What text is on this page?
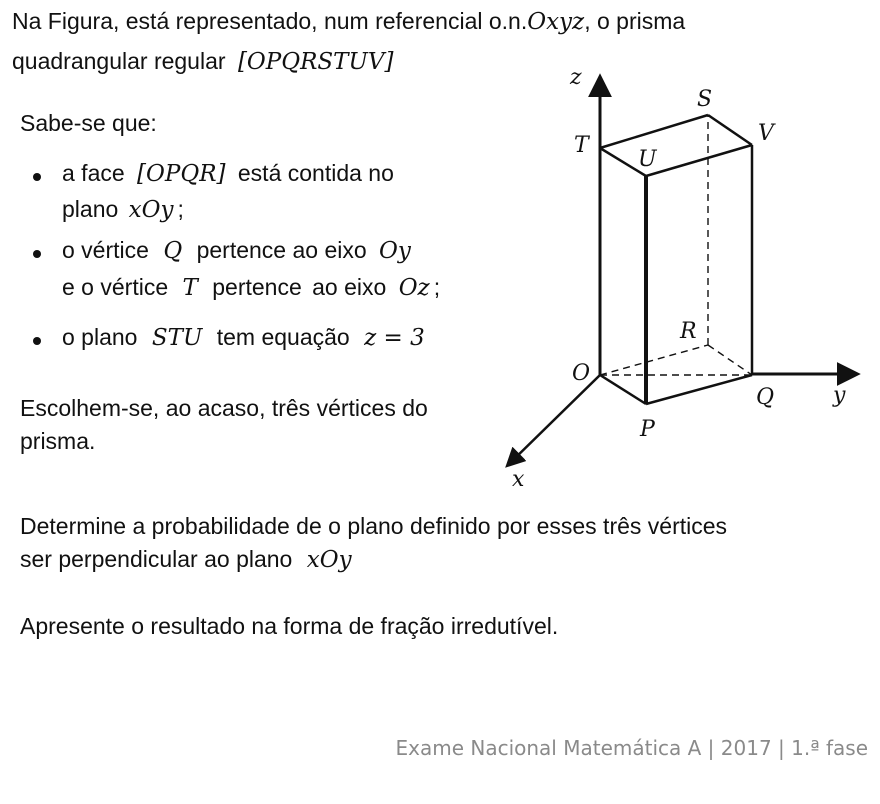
Na Figura, está representado, num referencial o.n.Oxyz, o prisma
quadrangular regular [OPQRSTUV]
Sabe-se que:
a face [OPQR] está contida no
plano xOy ;
o vértice Q pertence ao eixo Oy
e o vértice T pertence ao eixo Oz ;
o plano STU tem equação z = 3
Escolhem-se, ao acaso, três vértices do
prisma.
Determine a probabilidade de o plano definido por esses três vértices
ser perpendicular ao plano xOy
Apresente o resultado na forma de fração irredutível.
z
y
x
O
P
Q
R
S
T
U
V
Exame Nacional Matemática A | 2017 | 1.ª fase
